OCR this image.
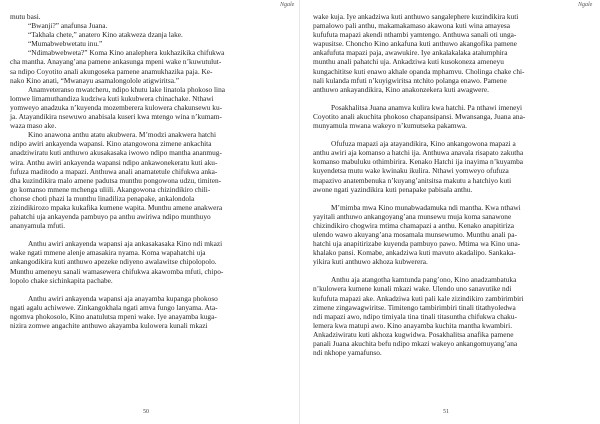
Ngale

mutu basi.

“Bwanji?” anafunsa Juana.

“Takhala chete,” anatero Kino atakweza dzanja lake.

“Mumabwebwetatu inu.”

“Ndimabwebweta?” Koma Kino analephera kukhazikika chifukwa
cha mantha. Anayang’ana pamene ankasunga mpeni wake n’kuwutulut-
sa ndipo Coyotito anali akungoseka pamene anamukhazika paja. Ke-
nako Kino anati, “Mwanayu asamalongolole atigwiritsa.”

Anamveteranso mwatcheru, ndipo khutu lake linatola phokoso lina
lomwe limamuthandiza kudziwa kuti kukubwera chinachake. Nthawi
yomweyo anadzuka n’kuyenda mozemberera kulowera chakunsewu ku-
ja. Atayandikira nsewuwo anabisala kuseri kwa mtengo wina n’kumam-
waza maso ake.

Kino anawona anthu atatu akubwera. M’modzi anakwera hatchi
ndipo awiri ankayenda wapansi. Kino atangowona zimene ankachita
anadziwiratu kuti anthuwo akusakasaka iwowo ndipo mantha ananmug-
wira. Anthu awiri ankayenda wapansi ndipo ankawonekeratu kuti aku-
fufuza maditodo a mapazi. Anthuwa anali anamatetule chifukwa anka-
dha kuzindikira malo amene padutsa munthu pongowona udzu, timiten-
go komanso mmene mchenga uliili. Akangowona chizindikiro chili-
chonse choti phazi la munthu linadiliza penapake, ankalondola
zizindikirozo mpaka kukafika kumene wapita. Munthu amene anakwera
pahatchi uja ankayenda pambuyo pa anthu awiriwa ndipo munthuyo
ananyamula mfuti.

Anthu awiri ankayenda wapansi aja ankasakasaka Kino ndi mkazi
wake ngati mmene alenje amasakira nyama. Koma wapahatchi uja
ankangodikira kuti anthuwo apezeke ndiyeno awalawitse chipolopolo.
Munthu ameneyu sanali wamasewera chifukwa akawomba mfuti, chipo-
lopolo chake sichinkapita pachabe.

Anthu awiri ankayenda wapansi aja anayamba kupanga phokoso
ngati agalu achiwewe. Zinkangokhala ngati amva fungo lanyama. Ata-
ngomva phokosolo, Kino anatulutsa mpeni wake. Iye anayamba kuga-
nizira zomwe angachite anthuwo akayamba kulowera kunali mkazi

50
Ngale

wake kuja. Iye ankadziwa kuti anthuwo sangalephere kuzindikira kuti
pamalowo pali anthu, makamakamaso akawona kuti wina amayesa
kufufuta mapazi akendi nthambi yamtengo. Anthuwa sanali oti unga-
wapusitse. Choncho Kino ankafuna kuti anthuwo akangofika pamene
ankafufuta mapazi paja, awawukire. Iye ankalakalaka atalumphira
munthu anali pahatchi uja. Ankadziwa kuti kusokoneza ameneyu
kungachititse kuti enawo akhale opanda mphamvu. Cholinga chake chi-
nali kulanda mfuti n’kuyigwiritsa ntchito polanga enawo. Pamene
anthuwo ankayandikira, Kino anakonzekera kuti awagwere.

Posakhalitsa Juana anamva kulira kwa hatchi. Pa nthawi imeneyi
Coyotito anali akuchita phokoso chapansipansi. Mwansanga, Juana ana-
munyamula mwana wakeyo n’kumutseka pakamwa.

Ofufuza mapazi aja atayandikira, Kino ankangowona mapazi a
anthu awiri aja komanso a hatchi ija. Anthuwa anavala risapato zakutha
komanso mabuluku othimbirira. Kenako Hatchi ija inayima n’kuyamba
kuyendetsa mutu wake kwinaku ikulira. Nthawi yomweyo ofufuza
mapazivo anatembenuka n’kuyang’anitsitsa makutu a hatchiyo kuti
awone ngati yazindikira kuti penapake pabisala anthu.

M’mimba mwa Kino munabwadamuka ndi mantha. Kwa nthawi
yayitali anthuwo ankangoyang’ana munsewu muja koma sanawone
chizindikiro chogwira mtima chamapazi a anthu. Kenako anapitiriza
ulendo wawo akuyang’ana mosamala munsewumo. Munthu anali pa-
hatchi uja anapitirizabe kuyenda pambuyo pawo. Mtima wa Kino una-
khalako pansi. Komabe, ankadziwa kuti mavuto akadalipo. Sankaka-
yikira kuti anthuwo akhoza kubwerera.

Anthu aja atangotha kamtunda pang’ono, Kino anadzambatuka
n’kulowera kumene kunali mkazi wake. Ulendo uno sanavutike ndi
kufufuta mapazi ake. Ankadziwa kuti pali kale zizindikiro zambirimbiri
zimene zingawagwiritse. Timitengo tambirimbiri tinali titathyoledwa
ndi mapazi awo, ndipo timiyala tina tinali titasuntha chifukwa chaku-
lemera kwa matupi awo. Kino anayamba kuchita mantha kwambiri.
Ankadziwiratu kuti akhoza kugwidwa. Posakhalitsa anafika pamene
panali Juana akuchita befu ndipo mkazi wakeyo ankangomuyang’ana
ndi nkhope yamafunso.

51
